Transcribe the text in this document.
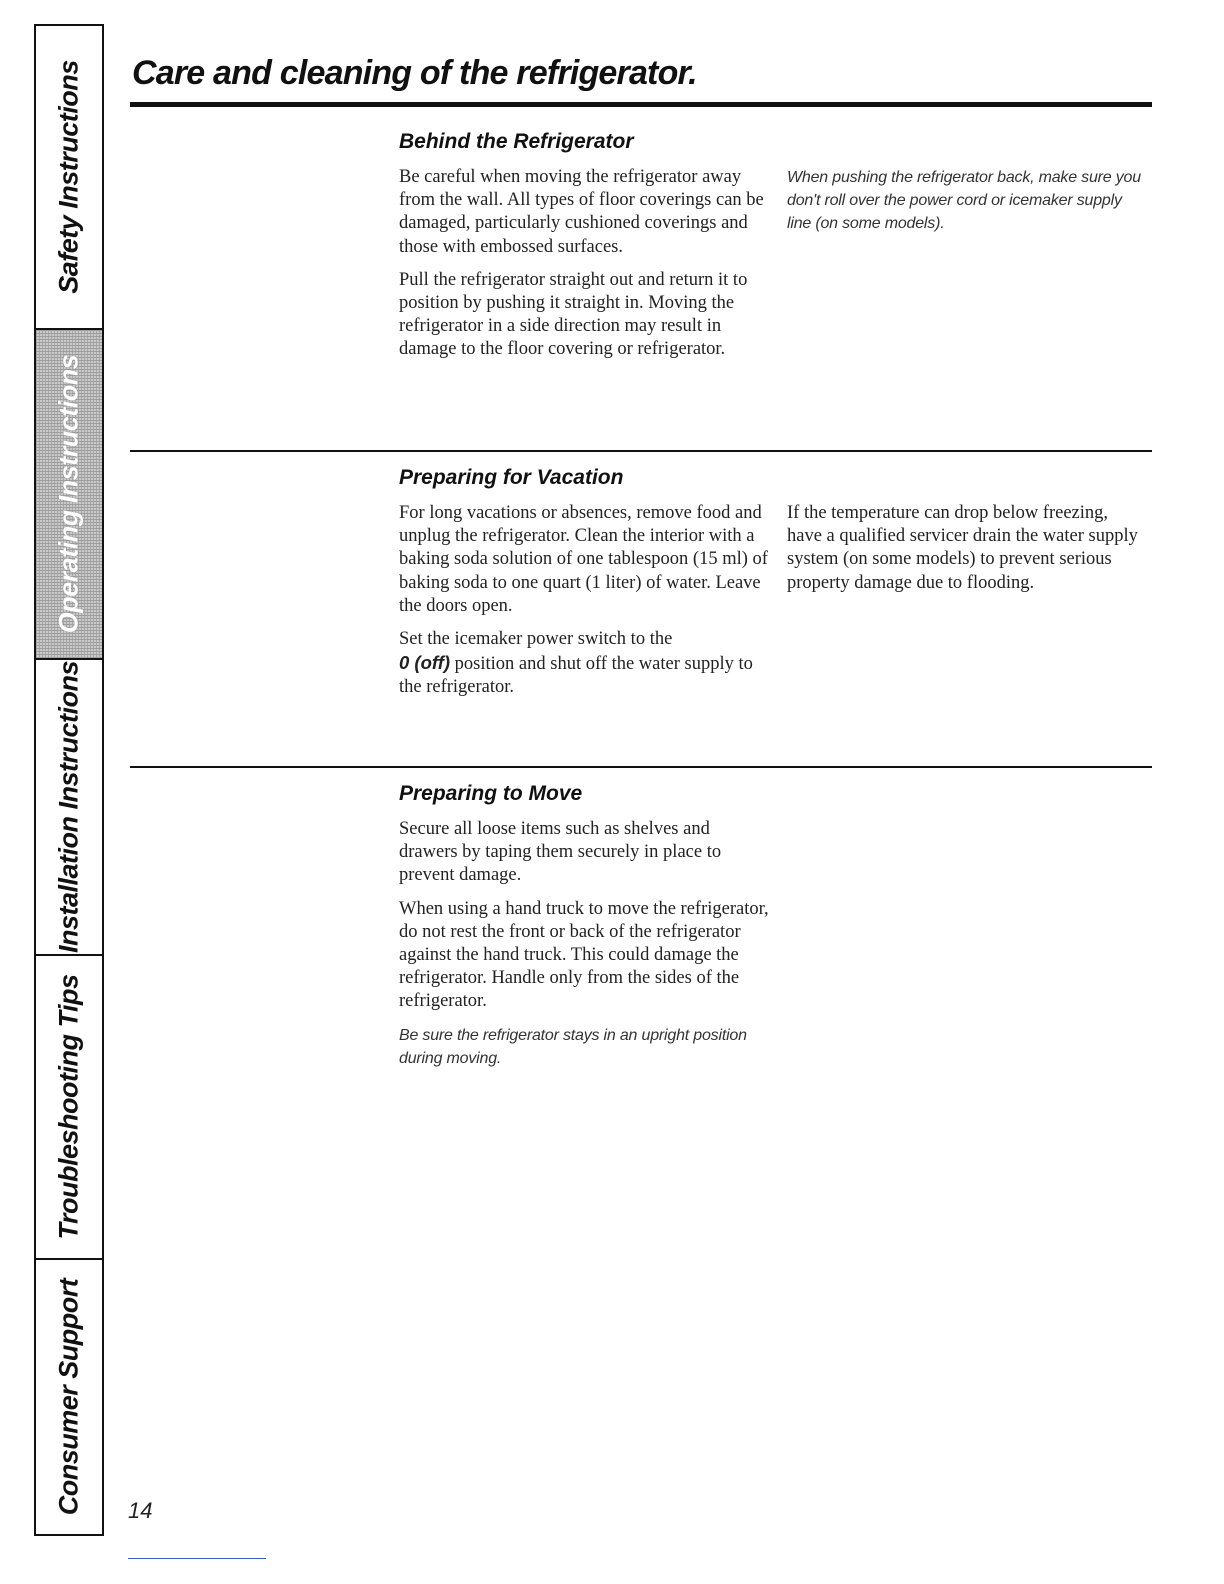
Safety Instructions
Operating Instructions
Installation Instructions
Troubleshooting Tips
Consumer Support
Care and cleaning of the refrigerator.
Behind the Refrigerator

Be careful when moving the refrigerator away from the wall. All types of floor coverings can be damaged, particularly cushioned coverings and those with embossed surfaces.

Pull the refrigerator straight out and return it to position by pushing it straight in. Moving the refrigerator in a side direction may result in damage to the floor covering or refrigerator.

When pushing the refrigerator back, make sure you don't roll over the power cord or icemaker supply line (on some models).

Preparing for Vacation

For long vacations or absences, remove food and unplug the refrigerator. Clean the interior with a baking soda solution of one tablespoon (15 ml) of baking soda to one quart (1 liter) of water. Leave the doors open.

Set the icemaker power switch to the
0 (off) position and shut off the water supply to the refrigerator.

If the temperature can drop below freezing, have a qualified servicer drain the water supply system (on some models) to prevent serious property damage due to flooding.

Preparing to Move

Secure all loose items such as shelves and drawers by taping them securely in place to prevent damage.

When using a hand truck to move the refrigerator, do not rest the front or back of the refrigerator against the hand truck. This could damage the refrigerator. Handle only from the sides of the refrigerator.

Be sure the refrigerator stays in an upright position during moving.

14
